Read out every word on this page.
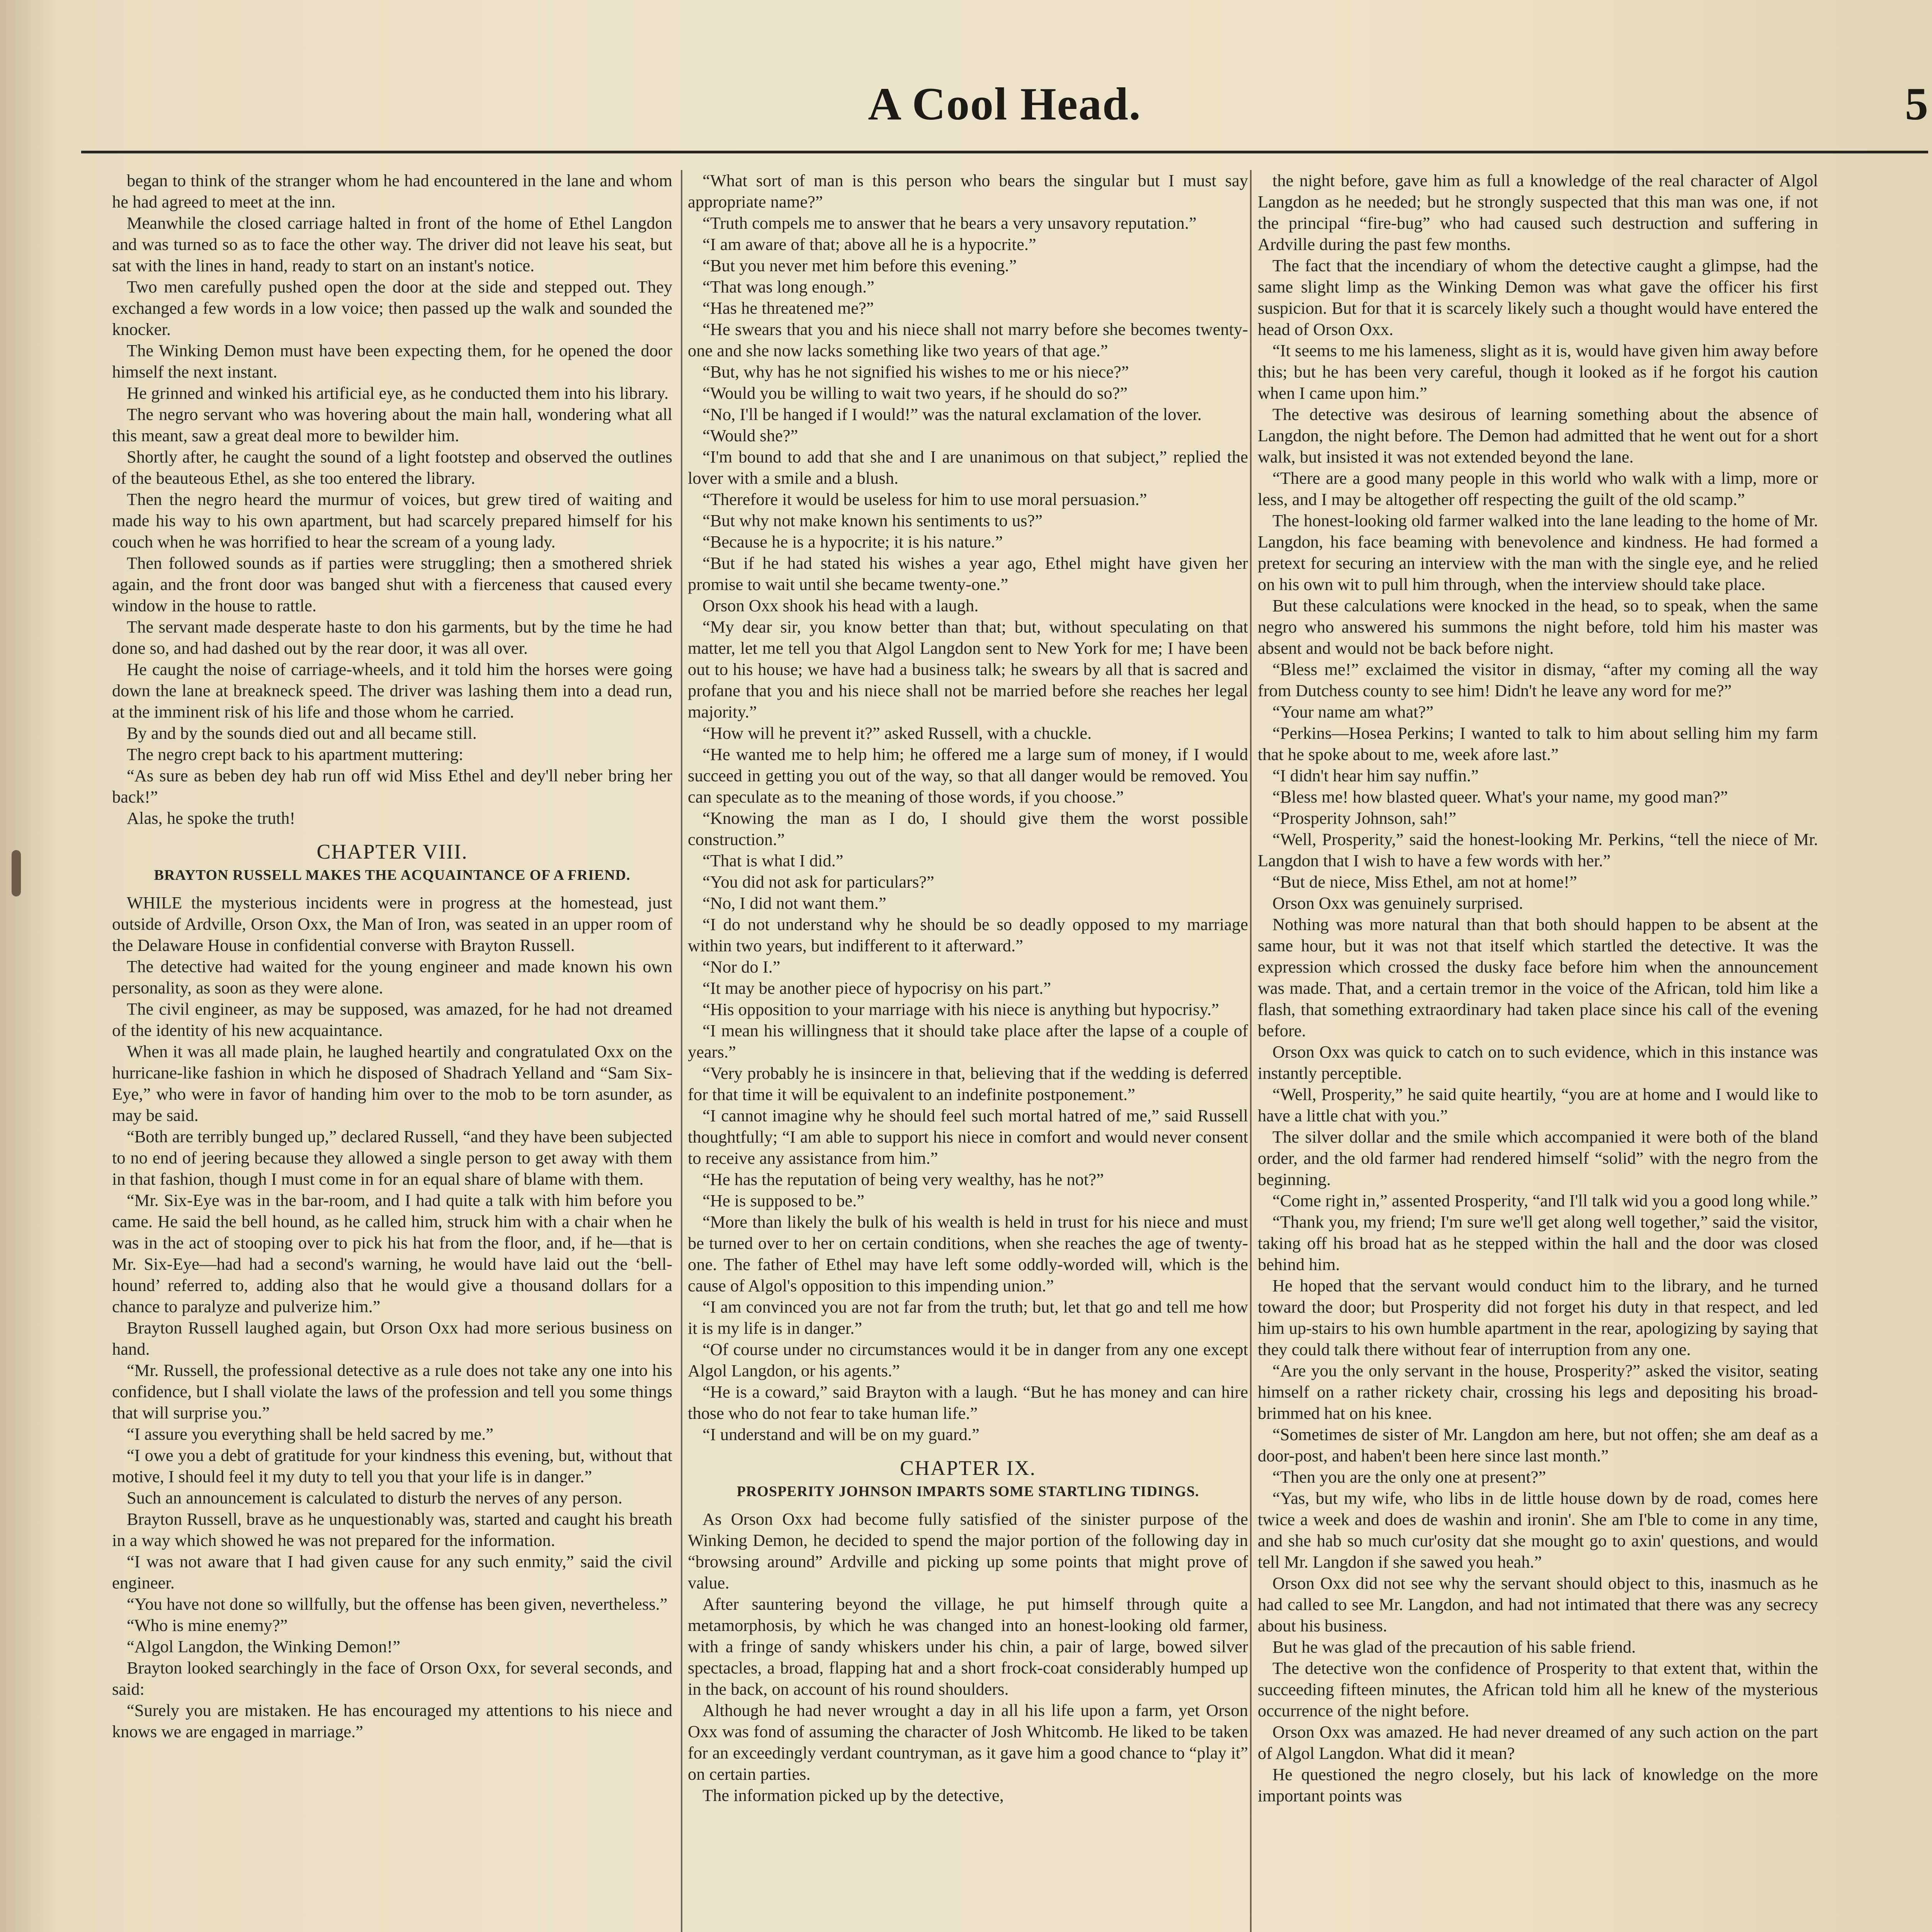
A Cool Head.	5

began to think of the stranger whom he had encountered in the lane and whom he had agreed to meet at the inn.

Meanwhile the closed carriage halted in front of the home of Ethel Langdon and was turned so as to face the other way. The driver did not leave his seat, but sat with the lines in hand, ready to start on an instant's notice.

Two men carefully pushed open the door at the side and stepped out. They exchanged a few words in a low voice; then passed up the walk and sounded the knocker.

The Winking Demon must have been expecting them, for he opened the door himself the next instant.

He grinned and winked his artificial eye, as he conducted them into his library.

The negro servant who was hovering about the main hall, wondering what all this meant, saw a great deal more to bewilder him.

Shortly after, he caught the sound of a light footstep and observed the outlines of the beauteous Ethel, as she too entered the library.

Then the negro heard the murmur of voices, but grew tired of waiting and made his way to his own apartment, but had scarcely prepared himself for his couch when he was horrified to hear the scream of a young lady.

Then followed sounds as if parties were struggling; then a smothered shriek again, and the front door was banged shut with a fierceness that caused every window in the house to rattle.

The servant made desperate haste to don his garments, but by the time he had done so, and had dashed out by the rear door, it was all over.

He caught the noise of carriage-wheels, and it told him the horses were going down the lane at breakneck speed. The driver was lashing them into a dead run, at the imminent risk of his life and those whom he carried.

By and by the sounds died out and all became still.

The negro crept back to his apartment muttering:

“As sure as beben dey hab run off wid Miss Ethel and dey'll neber bring her back!”

Alas, he spoke the truth!

CHAPTER VIII.
BRAYTON RUSSELL MAKES THE ACQUAINTANCE OF A FRIEND.

WHILE the mysterious incidents were in progress at the homestead, just outside of Ardville, Orson Oxx, the Man of Iron, was seated in an upper room of the Delaware House in confidential converse with Brayton Russell.

The detective had waited for the young engineer and made known his own personality, as soon as they were alone.

The civil engineer, as may be supposed, was amazed, for he had not dreamed of the identity of his new acquaintance.

When it was all made plain, he laughed heartily and congratulated Oxx on the hurricane-like fashion in which he disposed of Shadrach Yelland and “Sam Six-Eye,” who were in favor of handing him over to the mob to be torn asunder, as may be said.

“Both are terribly bunged up,” declared Russell, “and they have been subjected to no end of jeering because they allowed a single person to get away with them in that fashion, though I must come in for an equal share of blame with them.

“Mr. Six-Eye was in the bar-room, and I had quite a talk with him before you came. He said the bell hound, as he called him, struck him with a chair when he was in the act of stooping over to pick his hat from the floor, and, if he—that is Mr. Six-Eye—had had a second's warning, he would have laid out the ‘bell-hound’ referred to, adding also that he would give a thousand dollars for a chance to paralyze and pulverize him.”

Brayton Russell laughed again, but Orson Oxx had more serious business on hand.

“Mr. Russell, the professional detective as a rule does not take any one into his confidence, but I shall violate the laws of the profession and tell you some things that will surprise you.”

“I assure you everything shall be held sacred by me.”

“I owe you a debt of gratitude for your kindness this evening, but, without that motive, I should feel it my duty to tell you that your life is in danger.”

Such an announcement is calculated to disturb the nerves of any person.

Brayton Russell, brave as he unquestionably was, started and caught his breath in a way which showed he was not prepared for the information.

“I was not aware that I had given cause for any such enmity,” said the civil engineer.

“You have not done so willfully, but the offense has been given, nevertheless.”

“Who is mine enemy?”

“Algol Langdon, the Winking Demon!”

Brayton looked searchingly in the face of Orson Oxx, for several seconds, and said:

“Surely you are mistaken. He has encouraged my attentions to his niece and knows we are engaged in marriage.”

“What sort of man is this person who bears the singular but I must say appropriate name?”

“Truth compels me to answer that he bears a very unsavory reputation.”

“I am aware of that; above all he is a hypocrite.”

“But you never met him before this evening.”

“That was long enough.”

“Has he threatened me?”

“He swears that you and his niece shall not marry before she becomes twenty-one and she now lacks something like two years of that age.”

“But, why has he not signified his wishes to me or his niece?”

“Would you be willing to wait two years, if he should do so?”

“No, I'll be hanged if I would!” was the natural exclamation of the lover.

“Would she?”

“I'm bound to add that she and I are unanimous on that subject,” replied the lover with a smile and a blush.

“Therefore it would be useless for him to use moral persuasion.”

“But why not make known his sentiments to us?”

“Because he is a hypocrite; it is his nature.”

“But if he had stated his wishes a year ago, Ethel might have given her promise to wait until she became twenty-one.”

Orson Oxx shook his head with a laugh.

“My dear sir, you know better than that; but, without speculating on that matter, let me tell you that Algol Langdon sent to New York for me; I have been out to his house; we have had a business talk; he swears by all that is sacred and profane that you and his niece shall not be married before she reaches her legal majority.”

“How will he prevent it?” asked Russell, with a chuckle.

“He wanted me to help him; he offered me a large sum of money, if I would succeed in getting you out of the way, so that all danger would be removed. You can speculate as to the meaning of those words, if you choose.”

“Knowing the man as I do, I should give them the worst possible construction.”

“That is what I did.”

“You did not ask for particulars?”

“No, I did not want them.”

“I do not understand why he should be so deadly opposed to my marriage within two years, but indifferent to it afterward.”

“Nor do I.”

“It may be another piece of hypocrisy on his part.”

“His opposition to your marriage with his niece is anything but hypocrisy.”

“I mean his willingness that it should take place after the lapse of a couple of years.”

“Very probably he is insincere in that, believing that if the wedding is deferred for that time it will be equivalent to an indefinite postponement.”

“I cannot imagine why he should feel such mortal hatred of me,” said Russell thoughtfully; “I am able to support his niece in comfort and would never consent to receive any assistance from him.”

“He has the reputation of being very wealthy, has he not?”

“He is supposed to be.”

“More than likely the bulk of his wealth is held in trust for his niece and must be turned over to her on certain conditions, when she reaches the age of twenty-one. The father of Ethel may have left some oddly-worded will, which is the cause of Algol's opposition to this impending union.”

“I am convinced you are not far from the truth; but, let that go and tell me how it is my life is in danger.”

“Of course under no circumstances would it be in danger from any one except Algol Langdon, or his agents.”

“He is a coward,” said Brayton with a laugh. “But he has money and can hire those who do not fear to take human life.”

“I understand and will be on my guard.”

CHAPTER IX.
PROSPERITY JOHNSON IMPARTS SOME STARTLING TIDINGS.

As Orson Oxx had become fully satisfied of the sinister purpose of the Winking Demon, he decided to spend the major portion of the following day in “browsing around” Ardville and picking up some points that might prove of value.

After sauntering beyond the village, he put himself through quite a metamorphosis, by which he was changed into an honest-looking old farmer, with a fringe of sandy whiskers under his chin, a pair of large, bowed silver spectacles, a broad, flapping hat and a short frock-coat considerably humped up in the back, on account of his round shoulders.

Although he had never wrought a day in all his life upon a farm, yet Orson Oxx was fond of assuming the character of Josh Whitcomb. He liked to be taken for an exceedingly verdant countryman, as it gave him a good chance to “play it” on certain parties.

The information picked up by the detective,

the night before, gave him as full a knowledge of the real character of Algol Langdon as he needed; but he strongly suspected that this man was one, if not the principal “fire-bug” who had caused such destruction and suffering in Ardville during the past few months.

The fact that the incendiary of whom the detective caught a glimpse, had the same slight limp as the Winking Demon was what gave the officer his first suspicion. But for that it is scarcely likely such a thought would have entered the head of Orson Oxx.

“It seems to me his lameness, slight as it is, would have given him away before this; but he has been very careful, though it looked as if he forgot his caution when I came upon him.”

The detective was desirous of learning something about the absence of Langdon, the night before. The Demon had admitted that he went out for a short walk, but insisted it was not extended beyond the lane.

“There are a good many people in this world who walk with a limp, more or less, and I may be altogether off respecting the guilt of the old scamp.”

The honest-looking old farmer walked into the lane leading to the home of Mr. Langdon, his face beaming with benevolence and kindness. He had formed a pretext for securing an interview with the man with the single eye, and he relied on his own wit to pull him through, when the interview should take place.

But these calculations were knocked in the head, so to speak, when the same negro who answered his summons the night before, told him his master was absent and would not be back before night.

“Bless me!” exclaimed the visitor in dismay, “after my coming all the way from Dutchess county to see him! Didn't he leave any word for me?”

“Your name am what?”

“Perkins—Hosea Perkins; I wanted to talk to him about selling him my farm that he spoke about to me, week afore last.”

“I didn't hear him say nuffin.”

“Bless me! how blasted queer. What's your name, my good man?”

“Prosperity Johnson, sah!”

“Well, Prosperity,” said the honest-looking Mr. Perkins, “tell the niece of Mr. Langdon that I wish to have a few words with her.”

“But de niece, Miss Ethel, am not at home!”

Orson Oxx was genuinely surprised.

Nothing was more natural than that both should happen to be absent at the same hour, but it was not that itself which startled the detective. It was the expression which crossed the dusky face before him when the announcement was made. That, and a certain tremor in the voice of the African, told him like a flash, that something extraordinary had taken place since his call of the evening before.

Orson Oxx was quick to catch on to such evidence, which in this instance was instantly perceptible.

“Well, Prosperity,” he said quite heartily, “you are at home and I would like to have a little chat with you.”

The silver dollar and the smile which accompanied it were both of the bland order, and the old farmer had rendered himself “solid” with the negro from the beginning.

“Come right in,” assented Prosperity, “and I'll talk wid you a good long while.”

“Thank you, my friend; I'm sure we'll get along well together,” said the visitor, taking off his broad hat as he stepped within the hall and the door was closed behind him.

He hoped that the servant would conduct him to the library, and he turned toward the door; but Prosperity did not forget his duty in that respect, and led him up-stairs to his own humble apartment in the rear, apologizing by saying that they could talk there without fear of interruption from any one.

“Are you the only servant in the house, Prosperity?” asked the visitor, seating himself on a rather rickety chair, crossing his legs and depositing his broad-brimmed hat on his knee.

“Sometimes de sister of Mr. Langdon am here, but not offen; she am deaf as a door-post, and haben't been here since last month.”

“Then you are the only one at present?”

“Yas, but my wife, who libs in de little house down by de road, comes here twice a week and does de washin and ironin'. She am I'ble to come in any time, and she hab so much cur'osity dat she mought go to axin' questions, and would tell Mr. Langdon if she sawed you heah.”

Orson Oxx did not see why the servant should object to this, inasmuch as he had called to see Mr. Langdon, and had not intimated that there was any secrecy about his business.

But he was glad of the precaution of his sable friend.

The detective won the confidence of Prosperity to that extent that, within the succeeding fifteen minutes, the African told him all he knew of the mysterious occurrence of the night before.

Orson Oxx was amazed. He had never dreamed of any such action on the part of Algol Langdon. What did it mean?

He questioned the negro closely, but his lack of knowledge on the more important points was
